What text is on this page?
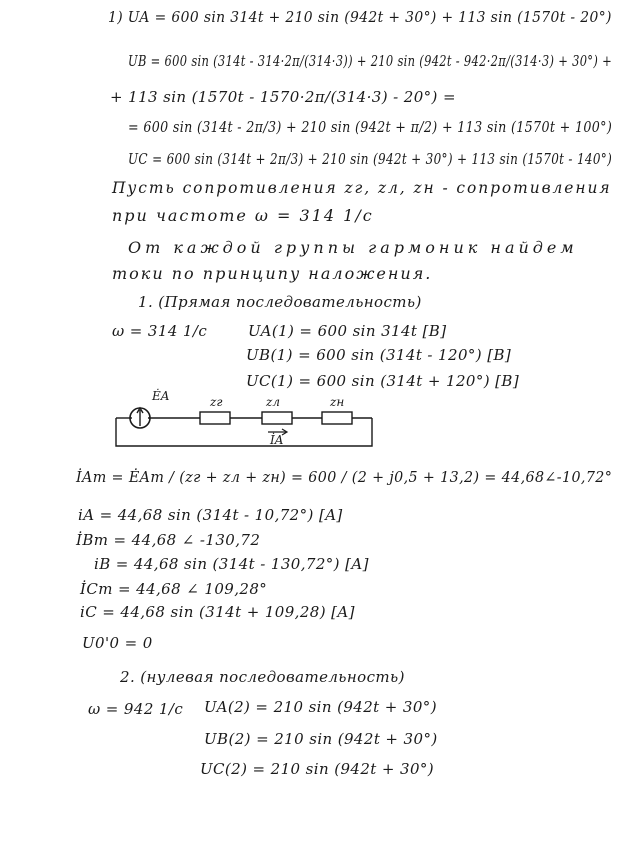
1) UA = 600 sin 314t + 210 sin (942t + 30°) + 113 sin (1570t - 20°)
UB = 600 sin (314t - 314·2π/(314·3)) + 210 sin (942t - 942·2π/(314·3) + 30°) +
+ 113 sin (1570t - 1570·2π/(314·3) - 20°) =
= 600 sin (314t - 2π/3) + 210 sin (942t + π/2) + 113 sin (1570t + 100°)
UC = 600 sin (314t + 2π/3) + 210 sin (942t + 30°) + 113 sin (1570t - 140°)
Пусть сопротивления zг, zл, zн - сопротивления
при частоте ω = 314 1/c
От каждой группы гармоник найдем
токи по принципу наложения.
1. (Прямая последовательность)
ω = 314 1/c	UA(1) = 600 sin 314t [B]
UB(1) = 600 sin (314t - 120°) [B]
UC(1) = 600 sin (314t + 120°) [B]
ĖA	zг	zл	zн
İA
İAm = ĖAm / (zг + zл + zн) = 600 / (2 + j0,5 + 13,2) = 44,68∠-10,72°
iA = 44,68 sin (314t - 10,72°) [A]
İBm = 44,68 ∠ -130,72
iB = 44,68 sin (314t - 130,72°) [A]
İCm = 44,68 ∠ 109,28°
iC = 44,68 sin (314t + 109,28) [A]
U0'0 = 0
2. (нулевая последовательность)
ω = 942 1/c UA(2) = 210 sin (942t + 30°)
UB(2) = 210 sin (942t + 30°)
UC(2) = 210 sin (942t + 30°)
